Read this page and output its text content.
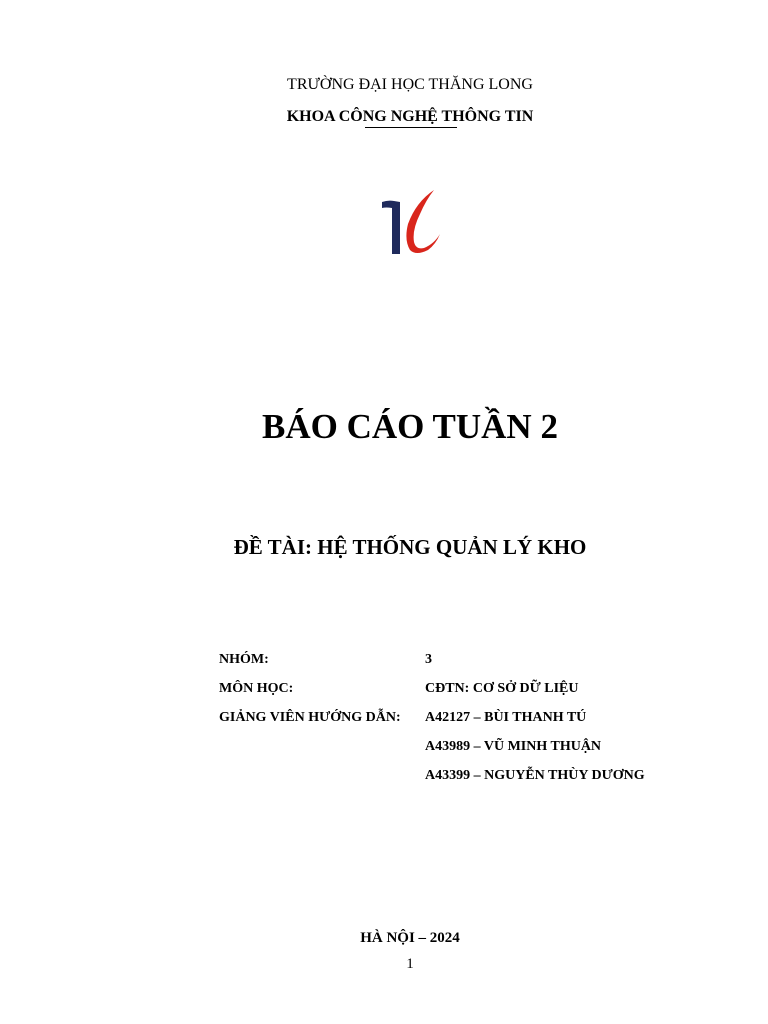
TRƯỜNG ĐẠI HỌC THĂNG LONG
KHOA CÔNG NGHỆ THÔNG TIN
BÁO CÁO TUẦN 2
ĐỀ TÀI: HỆ THỐNG QUẢN LÝ KHO
NHÓM:	3
MÔN HỌC:	CĐTN: CƠ SỞ DỮ LIỆU
GIẢNG VIÊN HƯỚNG DẪN: A42127 – BÙI THANH TÚ
A43989 – VŨ MINH THUẬN
A43399 – NGUYỄN THÙY DƯƠNG
HÀ NỘI – 2024
1
